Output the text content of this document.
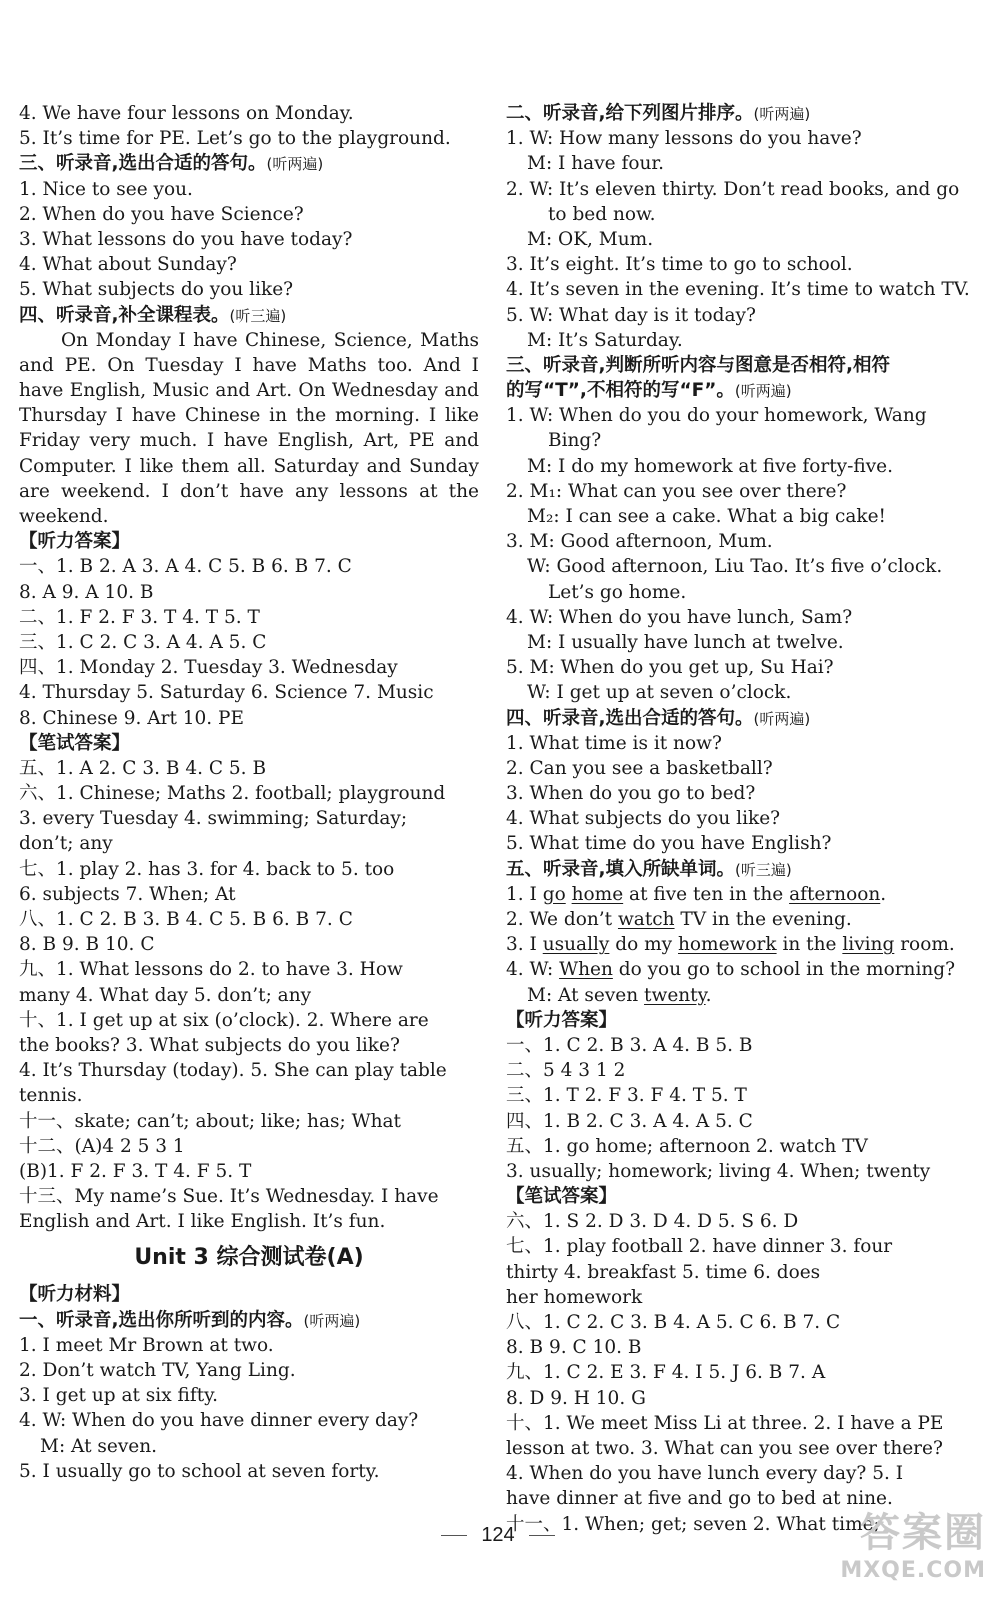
4. We have four lessons on Monday.
5. It’s time for PE. Let’s go to the playground.
三、听录音,选出合适的答句。(听两遍)
1. Nice to see you.
2. When do you have Science?
3. What lessons do you have today?
4. What about Sunday?
5. What subjects do you like?
四、听录音,补全课程表。(听三遍)
On Monday I have Chinese, Science, Maths
and PE. On Tuesday I have Maths too. And I
have English, Music and Art. On Wednesday and
Thursday I have Chinese in the morning. I like
Friday very much. I have English, Art, PE and
Computer. I like them all. Saturday and Sunday
are weekend. I don’t have any lessons at the
weekend.
【听力答案】
一、1. B 2. A 3. A 4. C 5. B 6. B 7. C
8. A 9. A 10. B
二、1. F 2. F 3. T 4. T 5. T
三、1. C 2. C 3. A 4. A 5. C
四、1. Monday 2. Tuesday 3. Wednesday
4. Thursday 5. Saturday 6. Science 7. Music
8. Chinese 9. Art 10. PE
【笔试答案】
五、1. A 2. C 3. B 4. C 5. B
六、1. Chinese; Maths 2. football; playground
3. every Tuesday 4. swimming; Saturday;
don’t; any
七、1. play 2. has 3. for 4. back to 5. too
6. subjects 7. When; At
八、1. C 2. B 3. B 4. C 5. B 6. B 7. C
8. B 9. B 10. C
九、1. What lessons do 2. to have 3. How
many 4. What day 5. don’t; any
十、1. I get up at six (o’clock). 2. Where are
the books? 3. What subjects do you like?
4. It’s Thursday (today). 5. She can play table
tennis.
十一、skate; can’t; about; like; has; What
十二、(A)4 2 5 3 1
(B)1. F 2. F 3. T 4. F 5. T
十三、My name’s Sue. It’s Wednesday. I have
English and Art. I like English. It’s fun.
Unit 3 综合测试卷(A)
【听力材料】
一、听录音,选出你所听到的内容。(听两遍)
1. I meet Mr Brown at two.
2. Don’t watch TV, Yang Ling.
3. I get up at six fifty.
4. W: When do you have dinner every day?
M: At seven.
5. I usually go to school at seven forty.
二、听录音,给下列图片排序。(听两遍)
1. W: How many lessons do you have?
M: I have four.
2. W: It’s eleven thirty. Don’t read books, and go
to bed now.
M: OK, Mum.
3. It’s eight. It’s time to go to school.
4. It’s seven in the evening. It’s time to watch TV.
5. W: What day is it today?
M: It’s Saturday.
三、听录音,判断所听内容与图意是否相符,相符
的写“T”,不相符的写“F”。(听两遍)
1. W: When do you do your homework, Wang
Bing?
M: I do my homework at five forty-five.
2. M₁: What can you see over there?
M₂: I can see a cake. What a big cake!
3. M: Good afternoon, Mum.
W: Good afternoon, Liu Tao. It’s five o’clock.
Let’s go home.
4. W: When do you have lunch, Sam?
M: I usually have lunch at twelve.
5. M: When do you get up, Su Hai?
W: I get up at seven o’clock.
四、听录音,选出合适的答句。(听两遍)
1. What time is it now?
2. Can you see a basketball?
3. When do you go to bed?
4. What subjects do you like?
5. What time do you have English?
五、听录音,填入所缺单词。(听三遍)
1. I go home at five ten in the afternoon.
2. We don’t watch TV in the evening.
3. I usually do my homework in the living room.
4. W: When do you go to school in the morning?
M: At seven twenty.
【听力答案】
一、1. C 2. B 3. A 4. B 5. B
二、5 4 3 1 2
三、1. T 2. F 3. F 4. T 5. T
四、1. B 2. C 3. A 4. A 5. C
五、1. go home; afternoon 2. watch TV
3. usually; homework; living 4. When; twenty
【笔试答案】
六、1. S 2. D 3. D 4. D 5. S 6. D
七、1. play football 2. have dinner 3. four
thirty 4. breakfast 5. time 6. does
her homework
八、1. C 2. C 3. B 4. A 5. C 6. B 7. C
8. B 9. C 10. B
九、1. C 2. E 3. F 4. I 5. J 6. B 7. A
8. D 9. H 10. G
十、1. We meet Miss Li at three. 2. I have a PE
lesson at two. 3. What can you see over there?
4. When do you have lunch every day? 5. I
have dinner at five and go to bed at nine.
十一、1. When; get; seven 2. What time;
124	答案圈
MXQE.COM
